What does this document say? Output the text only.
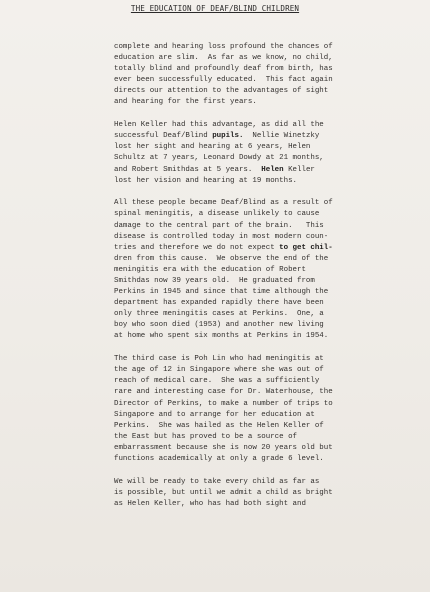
THE EDUCATION OF DEAF/BLIND CHILDREN
complete and hearing loss profound the chances of
education are slim.  As far as we know, no child,
totally blind and profoundly deaf from birth, has
ever been successfully educated.  This fact again
directs our attention to the advantages of sight
and hearing for the first years.
Helen Keller had this advantage, as did all the
successful Deaf/Blind pupils.  Nellie Winetzky
lost her sight and hearing at 6 years, Helen
Schultz at 7 years, Leonard Dowdy at 21 months,
and Robert Smithdas at 5 years.  Helen Keller
lost her vision and hearing at 19 months.
All these people became Deaf/Blind as a result of
spinal meningitis, a disease unlikely to cause
damage to the central part of the brain.   This
disease is controlled today in most modern coun-
tries and therefore we do not expect to get chil-
dren from this cause.  We observe the end of the
meningitis era with the education of Robert
Smithdas now 39 years old.  He graduated from
Perkins in 1945 and since that time although the
department has expanded rapidly there have been
only three meningitis cases at Perkins.  One, a
boy who soon died (1953) and another new living
at home who spent six months at Perkins in 1954.
The third case is Poh Lin who had meningitis at
the age of 12 in Singapore where she was out of
reach of medical care.  She was a sufficiently
rare and interesting case for Dr. Waterhouse, the
Director of Perkins, to make a number of trips to
Singapore and to arrange for her education at
Perkins.  She was hailed as the Helen Keller of
the East but has proved to be a source of
embarrassment because she is now 20 years old but
functions academically at only a grade 6 level.
We will be ready to take every child as far as
is possible, but until we admit a child as bright
as Helen Keller, who has had both sight and
